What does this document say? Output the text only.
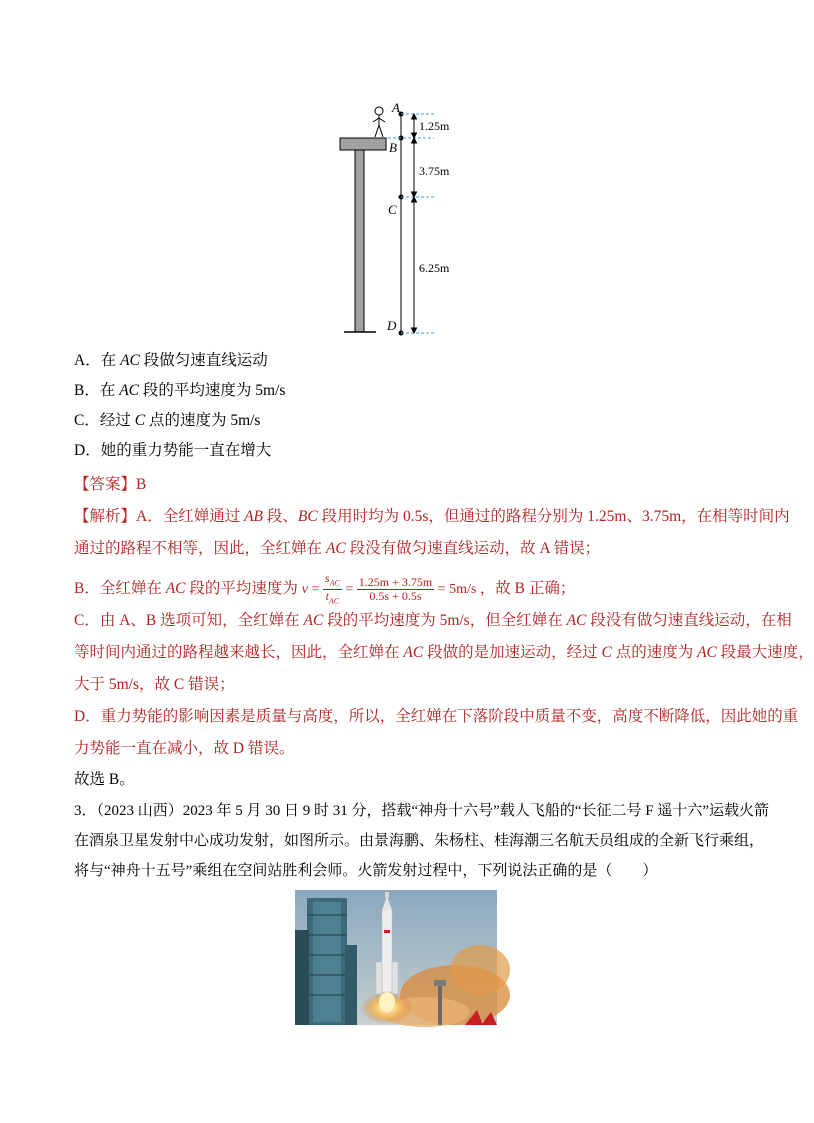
A
B
C
D
1.25m
3.75m
6.25m
A．在 AC 段做匀速直线运动
B．在 AC 段的平均速度为 5m/s
C．经过 C 点的速度为 5m/s
D．她的重力势能一直在增大
【答案】B
【解析】A．全红婵通过 AB 段、BC 段用时均为 0.5s，但通过的路程分别为 1.25m、3.75m，在相等时间内
通过的路程不相等，因此，全红婵在 AC 段没有做匀速直线运动，故 A 错误；
B．全红婵在 AC 段的平均速度为 $v = \frac{s_{AC}}{t_{AC}} = \frac{1.25m + 3.75m}{0.5s + 0.5s} = 5m/s$ ，故 B 正确；
C．由 A、B 选项可知，全红婵在 AC 段的平均速度为 5m/s，但全红婵在 AC 段没有做匀速直线运动，在相
等时间内通过的路程越来越长，因此，全红婵在 AC 段做的是加速运动，经过 C 点的速度为 AC 段最大速度，
大于 5m/s，故 C 错误；
D．重力势能的影响因素是质量与高度，所以，全红婵在下落阶段中质量不变，高度不断降低，因此她的重
力势能一直在减小，故 D 错误。
故选 B。
3．（2023 山西）2023 年 5 月 30 日 9 时 31 分，搭载“神舟十六号”载人飞船的“长征二号 F 遥十六”运载火箭
在酒泉卫星发射中心成功发射，如图所示。由景海鹏、朱杨柱、桂海潮三名航天员组成的全新飞行乘组，
将与“神舟十五号”乘组在空间站胜利会师。火箭发射过程中，下列说法正确的是（　　）
